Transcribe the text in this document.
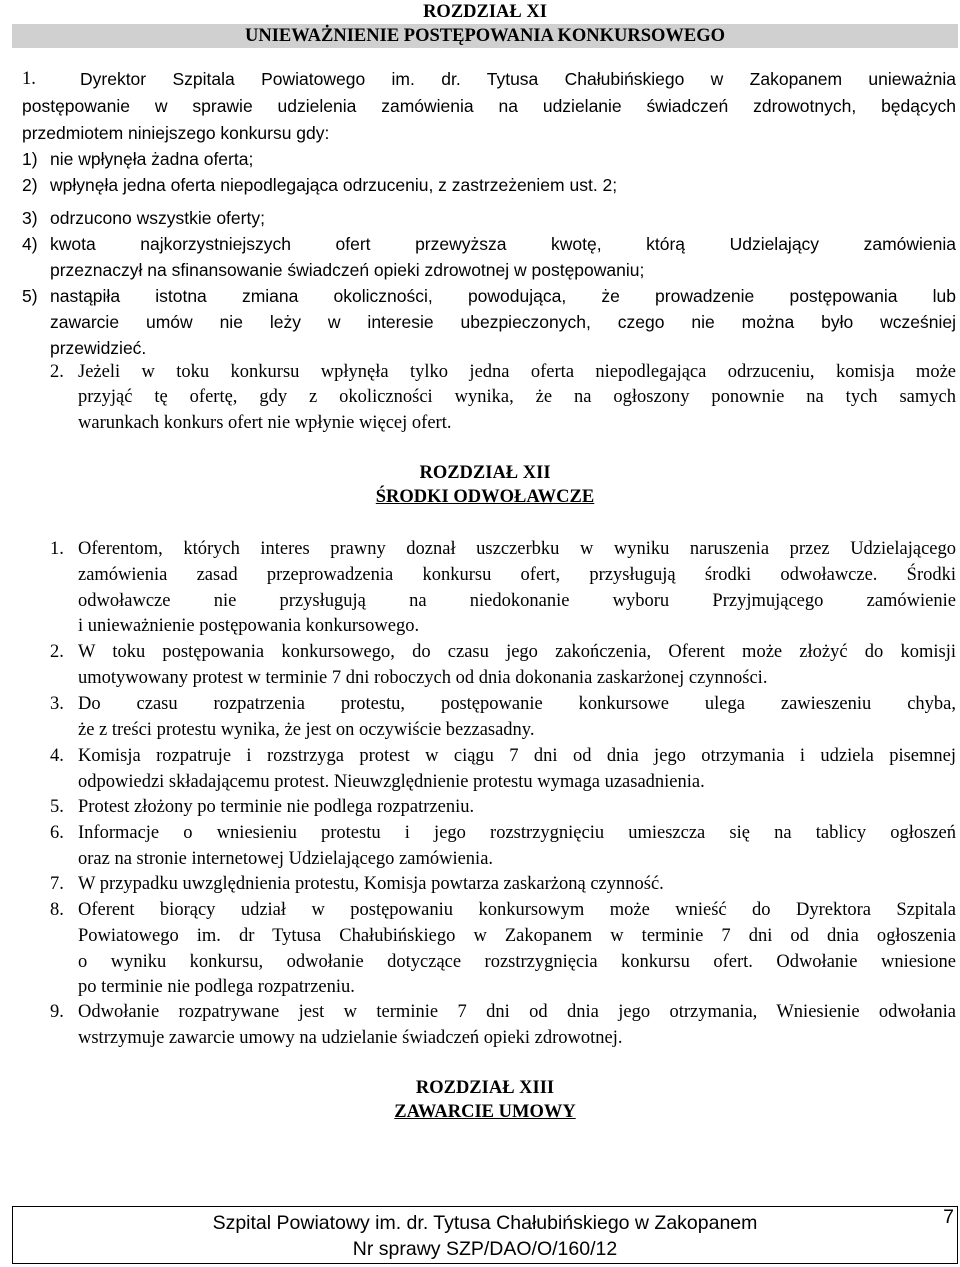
ROZDZIAŁ XI
UNIEWAŻNIENIE POSTĘPOWANIA KONKURSOWEGO
1.	Dyrektor Szpitala Powiatowego im. dr. Tytusa Chałubińskiego w Zakopanem unieważnia
postępowanie w sprawie udzielenia zamówienia na udzielanie świadczeń zdrowotnych, będących
przedmiotem niniejszego konkursu gdy:
1) nie wpłynęła żadna oferta;
2) wpłynęła jedna oferta niepodlegająca odrzuceniu, z zastrzeżeniem ust. 2;
3) odrzucono wszystkie oferty;
4) kwota najkorzystniejszych ofert przewyższa kwotę, którą Udzielający zamówienia
przeznaczył na sfinansowanie świadczeń opieki zdrowotnej w postępowaniu;
5) nastąpiła istotna zmiana okoliczności, powodująca, że prowadzenie postępowania lub
zawarcie umów nie leży w interesie ubezpieczonych, czego nie można było wcześniej
przewidzieć.
2. Jeżeli w toku konkursu wpłynęła tylko jedna oferta niepodlegająca odrzuceniu, komisja może
przyjąć tę ofertę, gdy z okoliczności wynika, że na ogłoszony ponownie na tych samych
warunkach konkurs ofert nie wpłynie więcej ofert.
ROZDZIAŁ XII
ŚRODKI ODWOŁAWCZE
1. Oferentom, których interes prawny doznał uszczerbku w wyniku naruszenia przez Udzielającego
zamówienia zasad przeprowadzenia konkursu ofert, przysługują środki odwoławcze. Środki
odwoławcze nie przysługują na niedokonanie wyboru Przyjmującego zamówienie
i unieważnienie postępowania konkursowego.
2. W toku postępowania konkursowego, do czasu jego zakończenia, Oferent może złożyć do komisji
umotywowany protest w terminie 7 dni roboczych od dnia dokonania zaskarżonej czynności.
3. Do czasu rozpatrzenia protestu, postępowanie konkursowe ulega zawieszeniu chyba,
że z treści protestu wynika, że jest on oczywiście bezzasadny.
4. Komisja rozpatruje i rozstrzyga protest w ciągu 7 dni od dnia jego otrzymania i udziela pisemnej
odpowiedzi składającemu protest. Nieuwzględnienie protestu wymaga uzasadnienia.
5. Protest złożony po terminie nie podlega rozpatrzeniu.
6. Informacje o wniesieniu protestu i jego rozstrzygnięciu umieszcza się na tablicy ogłoszeń
oraz na stronie internetowej Udzielającego zamówienia.
7. W przypadku uwzględnienia protestu, Komisja powtarza zaskarżoną czynność.
8. Oferent biorący udział w postępowaniu konkursowym może wnieść do Dyrektora Szpitala
Powiatowego im. dr Tytusa Chałubińskiego w Zakopanem w terminie 7 dni od dnia ogłoszenia
o wyniku konkursu, odwołanie dotyczące rozstrzygnięcia konkursu ofert. Odwołanie wniesione
po terminie nie podlega rozpatrzeniu.
9. Odwołanie rozpatrywane jest w terminie 7 dni od dnia jego otrzymania, Wniesienie odwołania
wstrzymuje zawarcie umowy na udzielanie świadczeń opieki zdrowotnej.
ROZDZIAŁ XIII
ZAWARCIE UMOWY
Szpital Powiatowy im. dr. Tytusa Chałubińskiego w Zakopanem
Nr sprawy SZP/DAO/O/160/12
7
